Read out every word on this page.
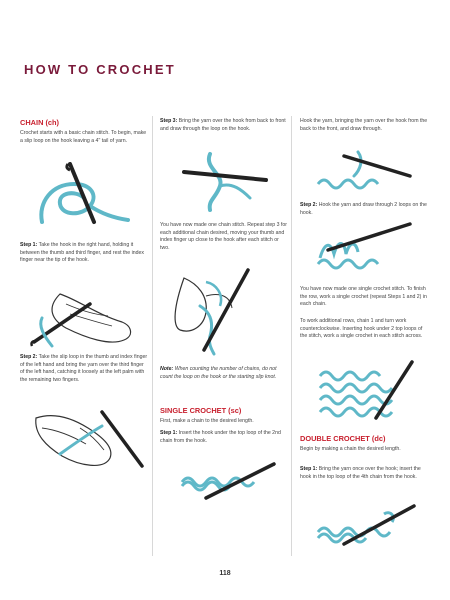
HOW TO CROCHET
CHAIN (ch)

Crochet starts with a basic chain stitch. To begin, make a slip loop on the hook leaving a 4" tail of yarn.

Step 1: Take the hook in the right hand, holding it between the thumb and third finger, and rest the index finger near the tip of the hook.

Step 2: Take the slip loop in the thumb and index finger of the left hand and bring the yarn over the third finger of the left hand, catching it loosely at the left palm with the remaining two fingers.

Step 3: Bring the yarn over the hook from back to front and draw through the loop on the hook.

You have now made one chain stitch. Repeat step 3 for each additional chain desired, moving your thumb and index finger up close to the hook after each stitch or two.

Note: When counting the number of chains, do not count the loop on the hook or the starting slip knot.

SINGLE CROCHET (sc)

First, make a chain to the desired length.

Step 1: Insert the hook under the top loop of the 2nd chain from the hook.

Hook the yarn, bringing the yarn over the hook from the back to the front, and draw through.

Step 2: Hook the yarn and draw through 2 loops on the hook.

You have now made one single crochet stitch. To finish the row, work a single crochet (repeat Steps 1 and 2) in each chain.

To work additional rows, chain 1 and turn work counterclockwise. Inserting hook under 2 top loops of the stitch, work a single crochet in each stitch across.

DOUBLE CROCHET (dc)

Begin by making a chain the desired length.

Step 1: Bring the yarn once over the hook; insert the hook in the top loop of the 4th chain from the hook.

118
